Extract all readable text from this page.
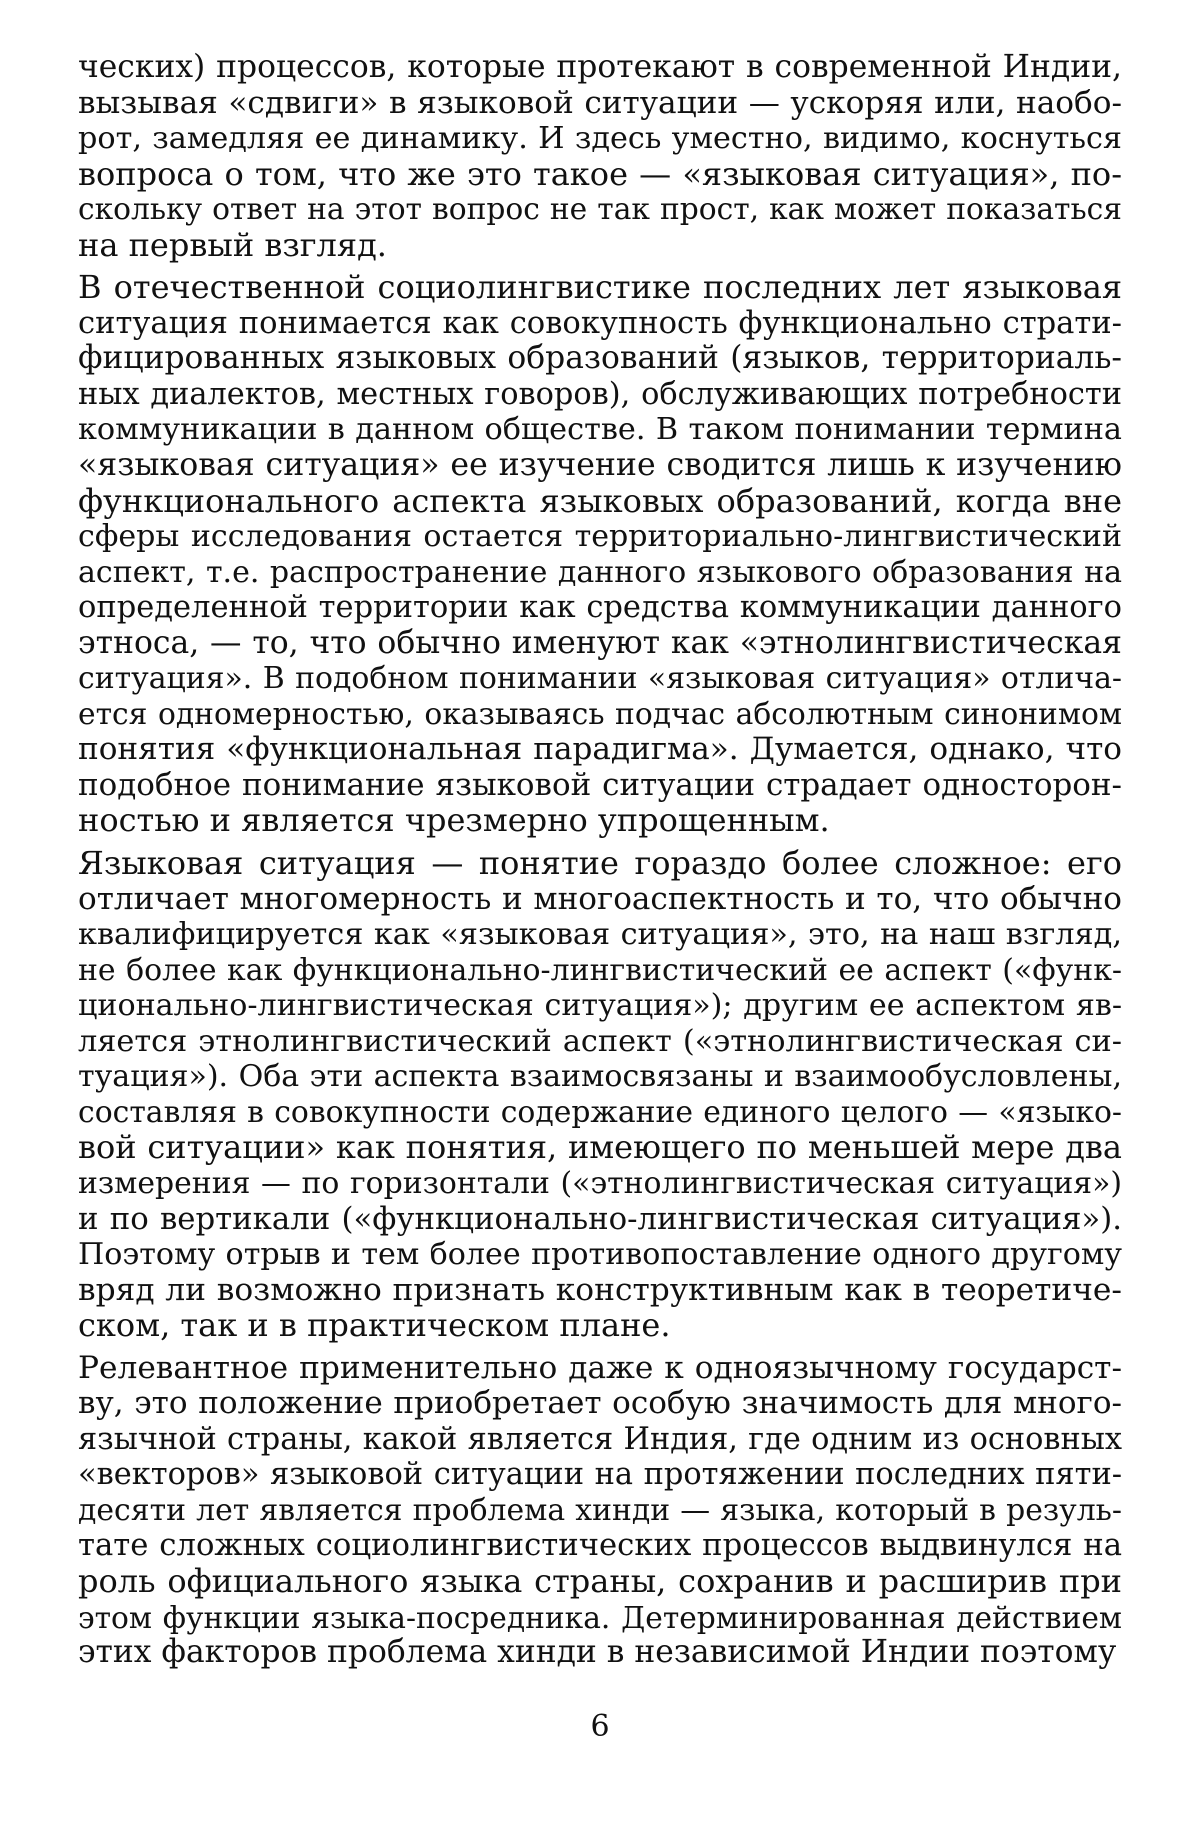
ческих) процессов, которые протекают в современной Индии,
вызывая «сдвиги» в языковой ситуации — ускоряя или, наобо-
рот, замедляя ее динамику. И здесь уместно, видимо, коснуться
вопроса о том, что же это такое — «языковая ситуация», по-
скольку ответ на этот вопрос не так прост, как может показаться
на первый взгляд.
В отечественной социолингвистике последних лет языковая
ситуация понимается как совокупность функционально страти-
фицированных языковых образований (языков, территориаль-
ных диалектов, местных говоров), обслуживающих потребности
коммуникации в данном обществе. В таком понимании термина
«языковая ситуация» ее изучение сводится лишь к изучению
функционального аспекта языковых образований, когда вне
сферы исследования остается территориально-лингвистический
аспект, т.е. распространение данного языкового образования на
определенной территории как средства коммуникации данного
этноса, — то, что обычно именуют как «этнолингвистическая
ситуация». В подобном понимании «языковая ситуация» отлича-
ется одномерностью, оказываясь подчас абсолютным синонимом
понятия «функциональная парадигма». Думается, однако, что
подобное понимание языковой ситуации страдает односторон-
ностью и является чрезмерно упрощенным.
Языковая ситуация — понятие гораздо более сложное: его
отличает многомерность и многоаспектность и то, что обычно
квалифицируется как «языковая ситуация», это, на наш взгляд,
не более как функционально-лингвистический ее аспект («функ-
ционально-лингвистическая ситуация»); другим ее аспектом яв-
ляется этнолингвистический аспект («этнолингвистическая си-
туация»). Оба эти аспекта взаимосвязаны и взаимообусловлены,
составляя в совокупности содержание единого целого — «языко-
вой ситуации» как понятия, имеющего по меньшей мере два
измерения — по горизонтали («этнолингвистическая ситуация»)
и по вертикали («функционально-лингвистическая ситуация»).
Поэтому отрыв и тем более противопоставление одного другому
вряд ли возможно признать конструктивным как в теоретиче-
ском, так и в практическом плане.
Релевантное применительно даже к одноязычному государст-
ву, это положение приобретает особую значимость для много-
язычной страны, какой является Индия, где одним из основных
«векторов» языковой ситуации на протяжении последних пяти-
десяти лет является проблема хинди — языка, который в резуль-
тате сложных социолингвистических процессов выдвинулся на
роль официального языка страны, сохранив и расширив при
этом функции языка-посредника. Детерминированная действием
этих факторов проблема хинди в независимой Индии поэтому
6
